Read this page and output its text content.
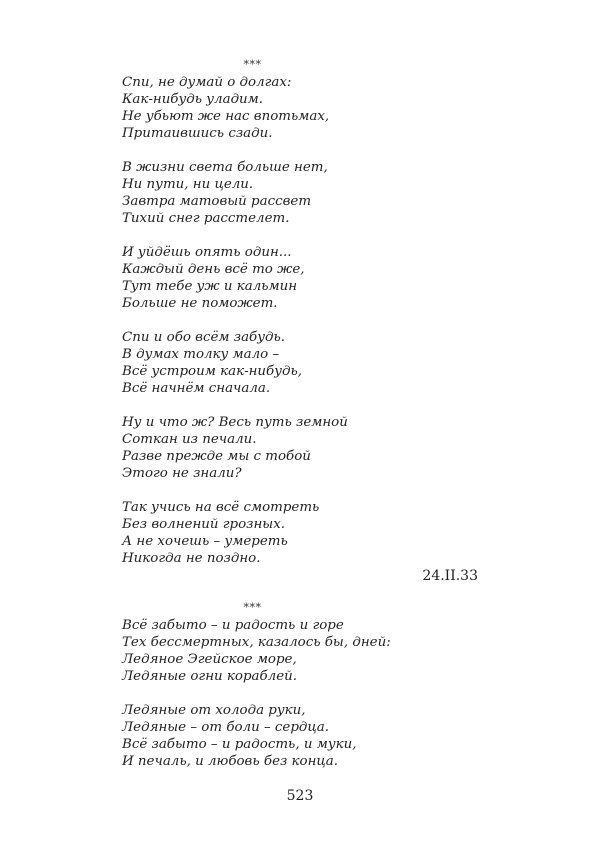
***
Спи, не думай о долгах:
Как-нибудь уладим.
Не убьют же нас впотьмах,
Притаившись сзади.
В жизни света больше нет,
Ни пути, ни цели.
Завтра матовый рассвет
Тихий снег расстелет.
И уйдёшь опять один...
Каждый день всё то же,
Тут тебе уж и кальмин
Больше не поможет.
Спи и обо всём забудь.
В думах толку мало –
Всё устроим как-нибудь,
Всё начнём сначала.
Ну и что ж? Весь путь земной
Соткан из печали.
Разве прежде мы с тобой
Этого не знали?
Так учись на всё смотреть
Без волнений грозных.
А не хочешь – умереть
Никогда не поздно.
24.II.33
***
Всё забыто – и радость и горе
Тех бессмертных, казалось бы, дней:
Ледяное Эгейское море,
Ледяные огни кораблей.
Ледяные от холода руки,
Ледяные – от боли – сердца.
Всё забыто – и радость, и муки,
И печаль, и любовь без конца.
523
